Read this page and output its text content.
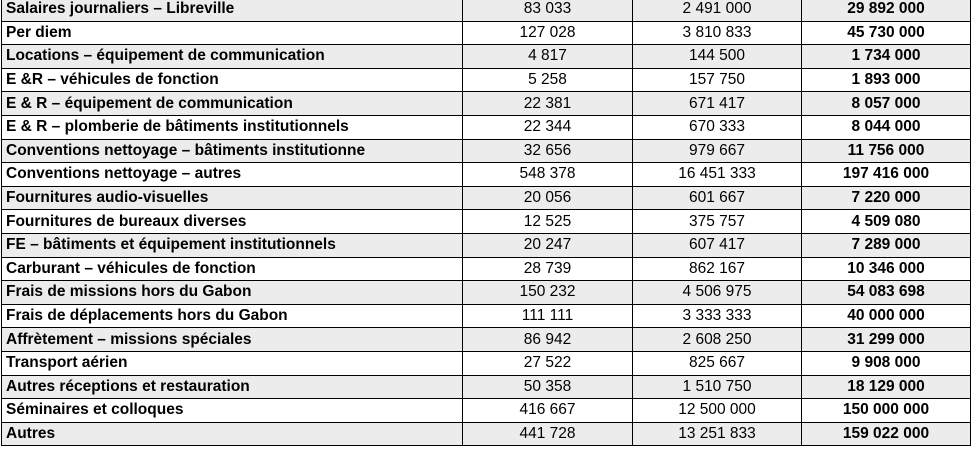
Salaires journaliers – Libreville	83 033	2 491 000	29 892 000
Per diem	127 028	3 810 833	45 730 000
Locations – équipement de communication	4 817	144 500	1 734 000
E &R – véhicules de fonction	5 258	157 750	1 893 000
E & R – équipement de communication	22 381	671 417	8 057 000
E & R – plomberie de bâtiments institutionnels	22 344	670 333	8 044 000
Conventions nettoyage – bâtiments institutionne	32 656	979 667	11 756 000
Conventions nettoyage – autres	548 378	16 451 333	197 416 000
Fournitures audio-visuelles	20 056	601 667	7 220 000
Fournitures de bureaux diverses	12 525	375 757	4 509 080
FE – bâtiments et équipement institutionnels	20 247	607 417	7 289 000
Carburant – véhicules de fonction	28 739	862 167	10 346 000
Frais de missions hors du Gabon	150 232	4 506 975	54 083 698
Frais de déplacements hors du Gabon	111 111	3 333 333	40 000 000
Affrètement – missions spéciales	86 942	2 608 250	31 299 000
Transport aérien	27 522	825 667	9 908 000
Autres réceptions et restauration	50 358	1 510 750	18 129 000
Séminaires et colloques	416 667	12 500 000	150 000 000
Autres	441 728	13 251 833	159 022 000
